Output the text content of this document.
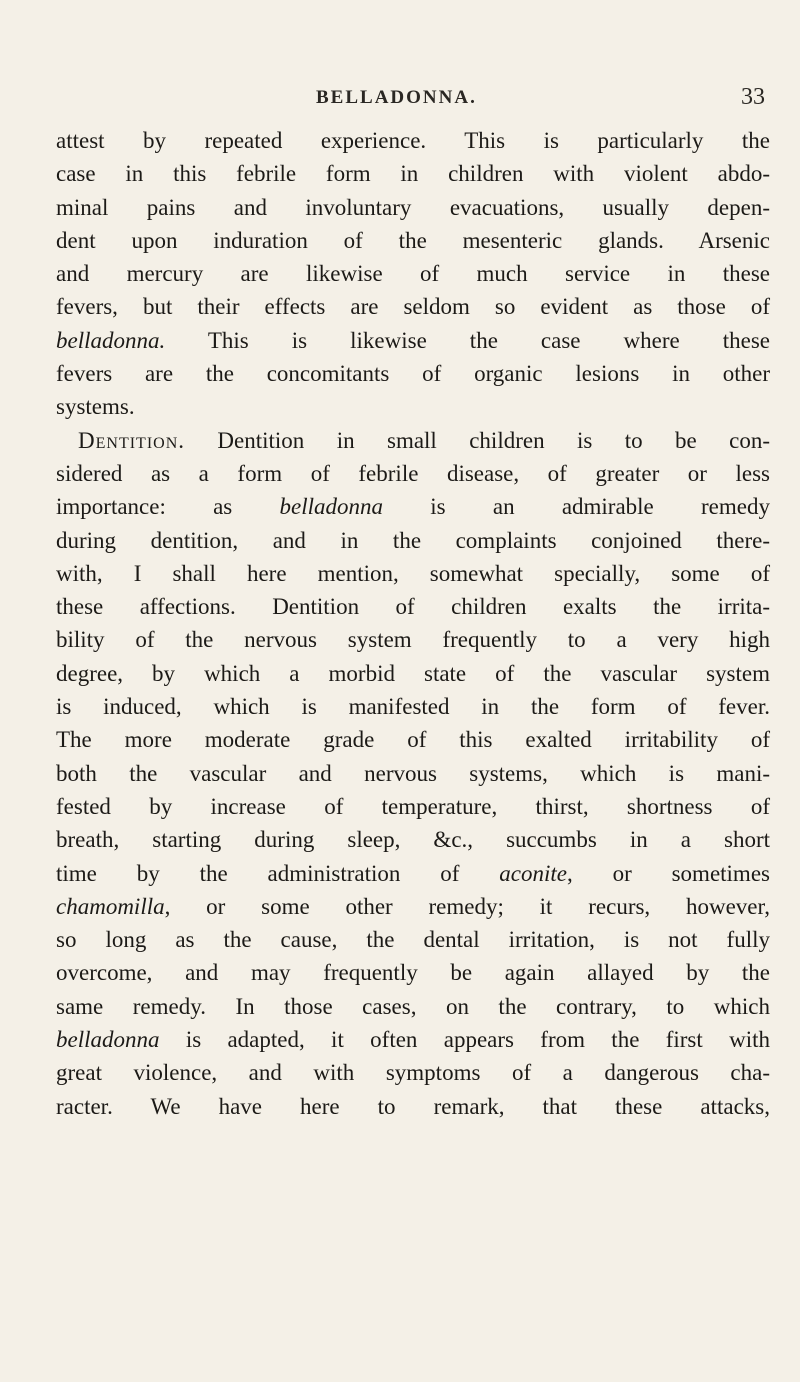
BELLADONNA.	33
attest by repeated experience. This is particularly the
case in this febrile form in children with violent abdo-
minal pains and involuntary evacuations, usually depen-
dent upon induration of the mesenteric glands. Arsenic
and mercury are likewise of much service in these
fevers, but their effects are seldom so evident as those of
belladonna. This is likewise the case where these
fevers are the concomitants of organic lesions in other
systems.
Dentition. Dentition in small children is to be con-
sidered as a form of febrile disease, of greater or less
importance: as belladonna is an admirable remedy
during dentition, and in the complaints conjoined there-
with, I shall here mention, somewhat specially, some of
these affections. Dentition of children exalts the irrita-
bility of the nervous system frequently to a very high
degree, by which a morbid state of the vascular system
is induced, which is manifested in the form of fever.
The more moderate grade of this exalted irritability of
both the vascular and nervous systems, which is mani-
fested by increase of temperature, thirst, shortness of
breath, starting during sleep, &c., succumbs in a short
time by the administration of aconite, or sometimes
chamomilla, or some other remedy; it recurs, however,
so long as the cause, the dental irritation, is not fully
overcome, and may frequently be again allayed by the
same remedy. In those cases, on the contrary, to which
belladonna is adapted, it often appears from the first with
great violence, and with symptoms of a dangerous cha-
racter. We have here to remark, that these attacks,
